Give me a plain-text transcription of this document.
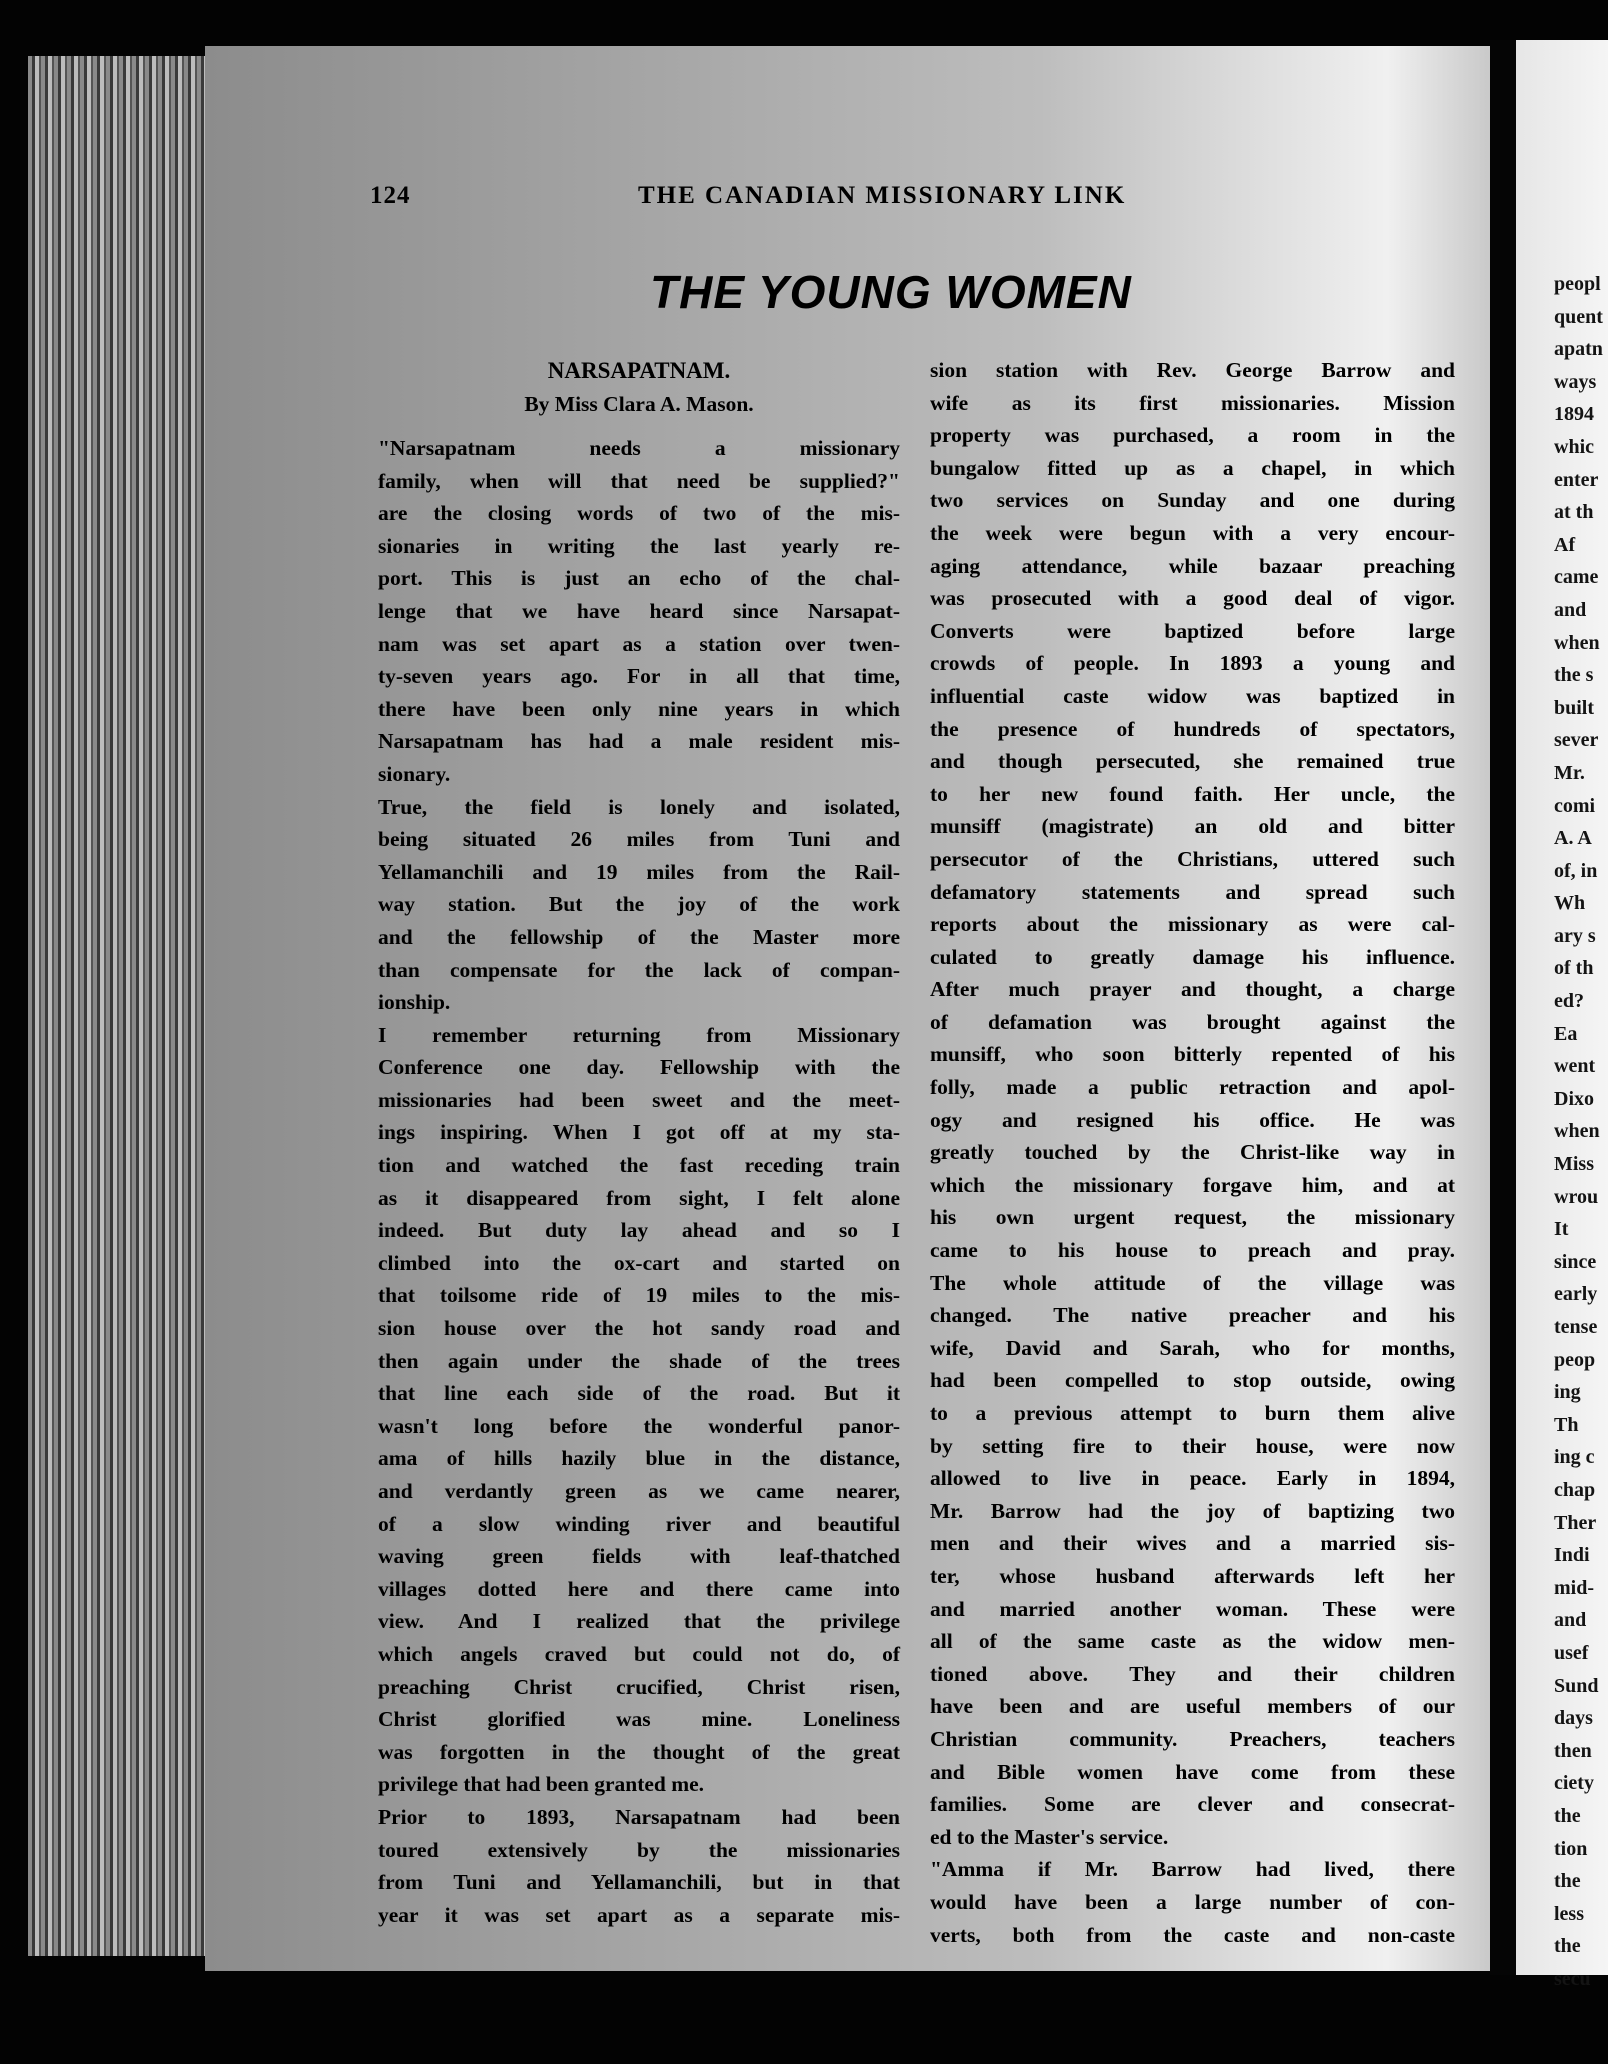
124	THE CANADIAN MISSIONARY LINK
THE YOUNG WOMEN
NARSAPATNAM.
By Miss Clara A. Mason.
"Narsapatnam needs a missionary
family, when will that need be supplied?"
are the closing words of two of the mis-
sionaries in writing the last yearly re-
port. This is just an echo of the chal-
lenge that we have heard since Narsapat-
nam was set apart as a station over twen-
ty-seven years ago. For in all that time,
there have been only nine years in which
Narsapatnam has had a male resident mis-
sionary.
True, the field is lonely and isolated,
being situated 26 miles from Tuni and
Yellamanchili and 19 miles from the Rail-
way station. But the joy of the work
and the fellowship of the Master more
than compensate for the lack of compan-
ionship.
I remember returning from Missionary
Conference one day. Fellowship with the
missionaries had been sweet and the meet-
ings inspiring. When I got off at my sta-
tion and watched the fast receding train
as it disappeared from sight, I felt alone
indeed. But duty lay ahead and so I
climbed into the ox-cart and started on
that toilsome ride of 19 miles to the mis-
sion house over the hot sandy road and
then again under the shade of the trees
that line each side of the road. But it
wasn't long before the wonderful panor-
ama of hills hazily blue in the distance,
and verdantly green as we came nearer,
of a slow winding river and beautiful
waving green fields with leaf-thatched
villages dotted here and there came into
view. And I realized that the privilege
which angels craved but could not do, of
preaching Christ crucified, Christ risen,
Christ glorified was mine. Loneliness
was forgotten in the thought of the great
privilege that had been granted me.
Prior to 1893, Narsapatnam had been
toured extensively by the missionaries
from Tuni and Yellamanchili, but in that
year it was set apart as a separate mis-
sion station with Rev. George Barrow and
wife as its first missionaries. Mission
property was purchased, a room in the
bungalow fitted up as a chapel, in which
two services on Sunday and one during
the week were begun with a very encour-
aging attendance, while bazaar preaching
was prosecuted with a good deal of vigor.
Converts were baptized before large
crowds of people. In 1893 a young and
influential caste widow was baptized in
the presence of hundreds of spectators,
and though persecuted, she remained true
to her new found faith. Her uncle, the
munsiff (magistrate) an old and bitter
persecutor of the Christians, uttered such
defamatory statements and spread such
reports about the missionary as were cal-
culated to greatly damage his influence.
After much prayer and thought, a charge
of defamation was brought against the
munsiff, who soon bitterly repented of his
folly, made a public retraction and apol-
ogy and resigned his office. He was
greatly touched by the Christ-like way in
which the missionary forgave him, and at
his own urgent request, the missionary
came to his house to preach and pray.
The whole attitude of the village was
changed. The native preacher and his
wife, David and Sarah, who for months,
had been compelled to stop outside, owing
to a previous attempt to burn them alive
by setting fire to their house, were now
allowed to live in peace. Early in 1894,
Mr. Barrow had the joy of baptizing two
men and their wives and a married sis-
ter, whose husband afterwards left her
and married another woman. These were
all of the same caste as the widow men-
tioned above. They and their children
have been and are useful members of our
Christian community. Preachers, teachers
and Bible women have come from these
families. Some are clever and consecrat-
ed to the Master's service.
"Amma if Mr. Barrow had lived, there
would have been a large number of con-
verts, both from the caste and non-caste
peopl
quent
apatn
ways
1894
whic
enter
at th
Af
came
and
when
the s
built
sever
Mr.
comi
A. A
of, in
Wh
ary s
of th
ed?
Ea
went
Dixo
when
Miss
wrou
It
since
early
tense
peop
ing
Th
ing c
chap
Ther
Indi
mid-
and
usef
Sund
days
then
ciety
the
tion
the
less
the
secu
